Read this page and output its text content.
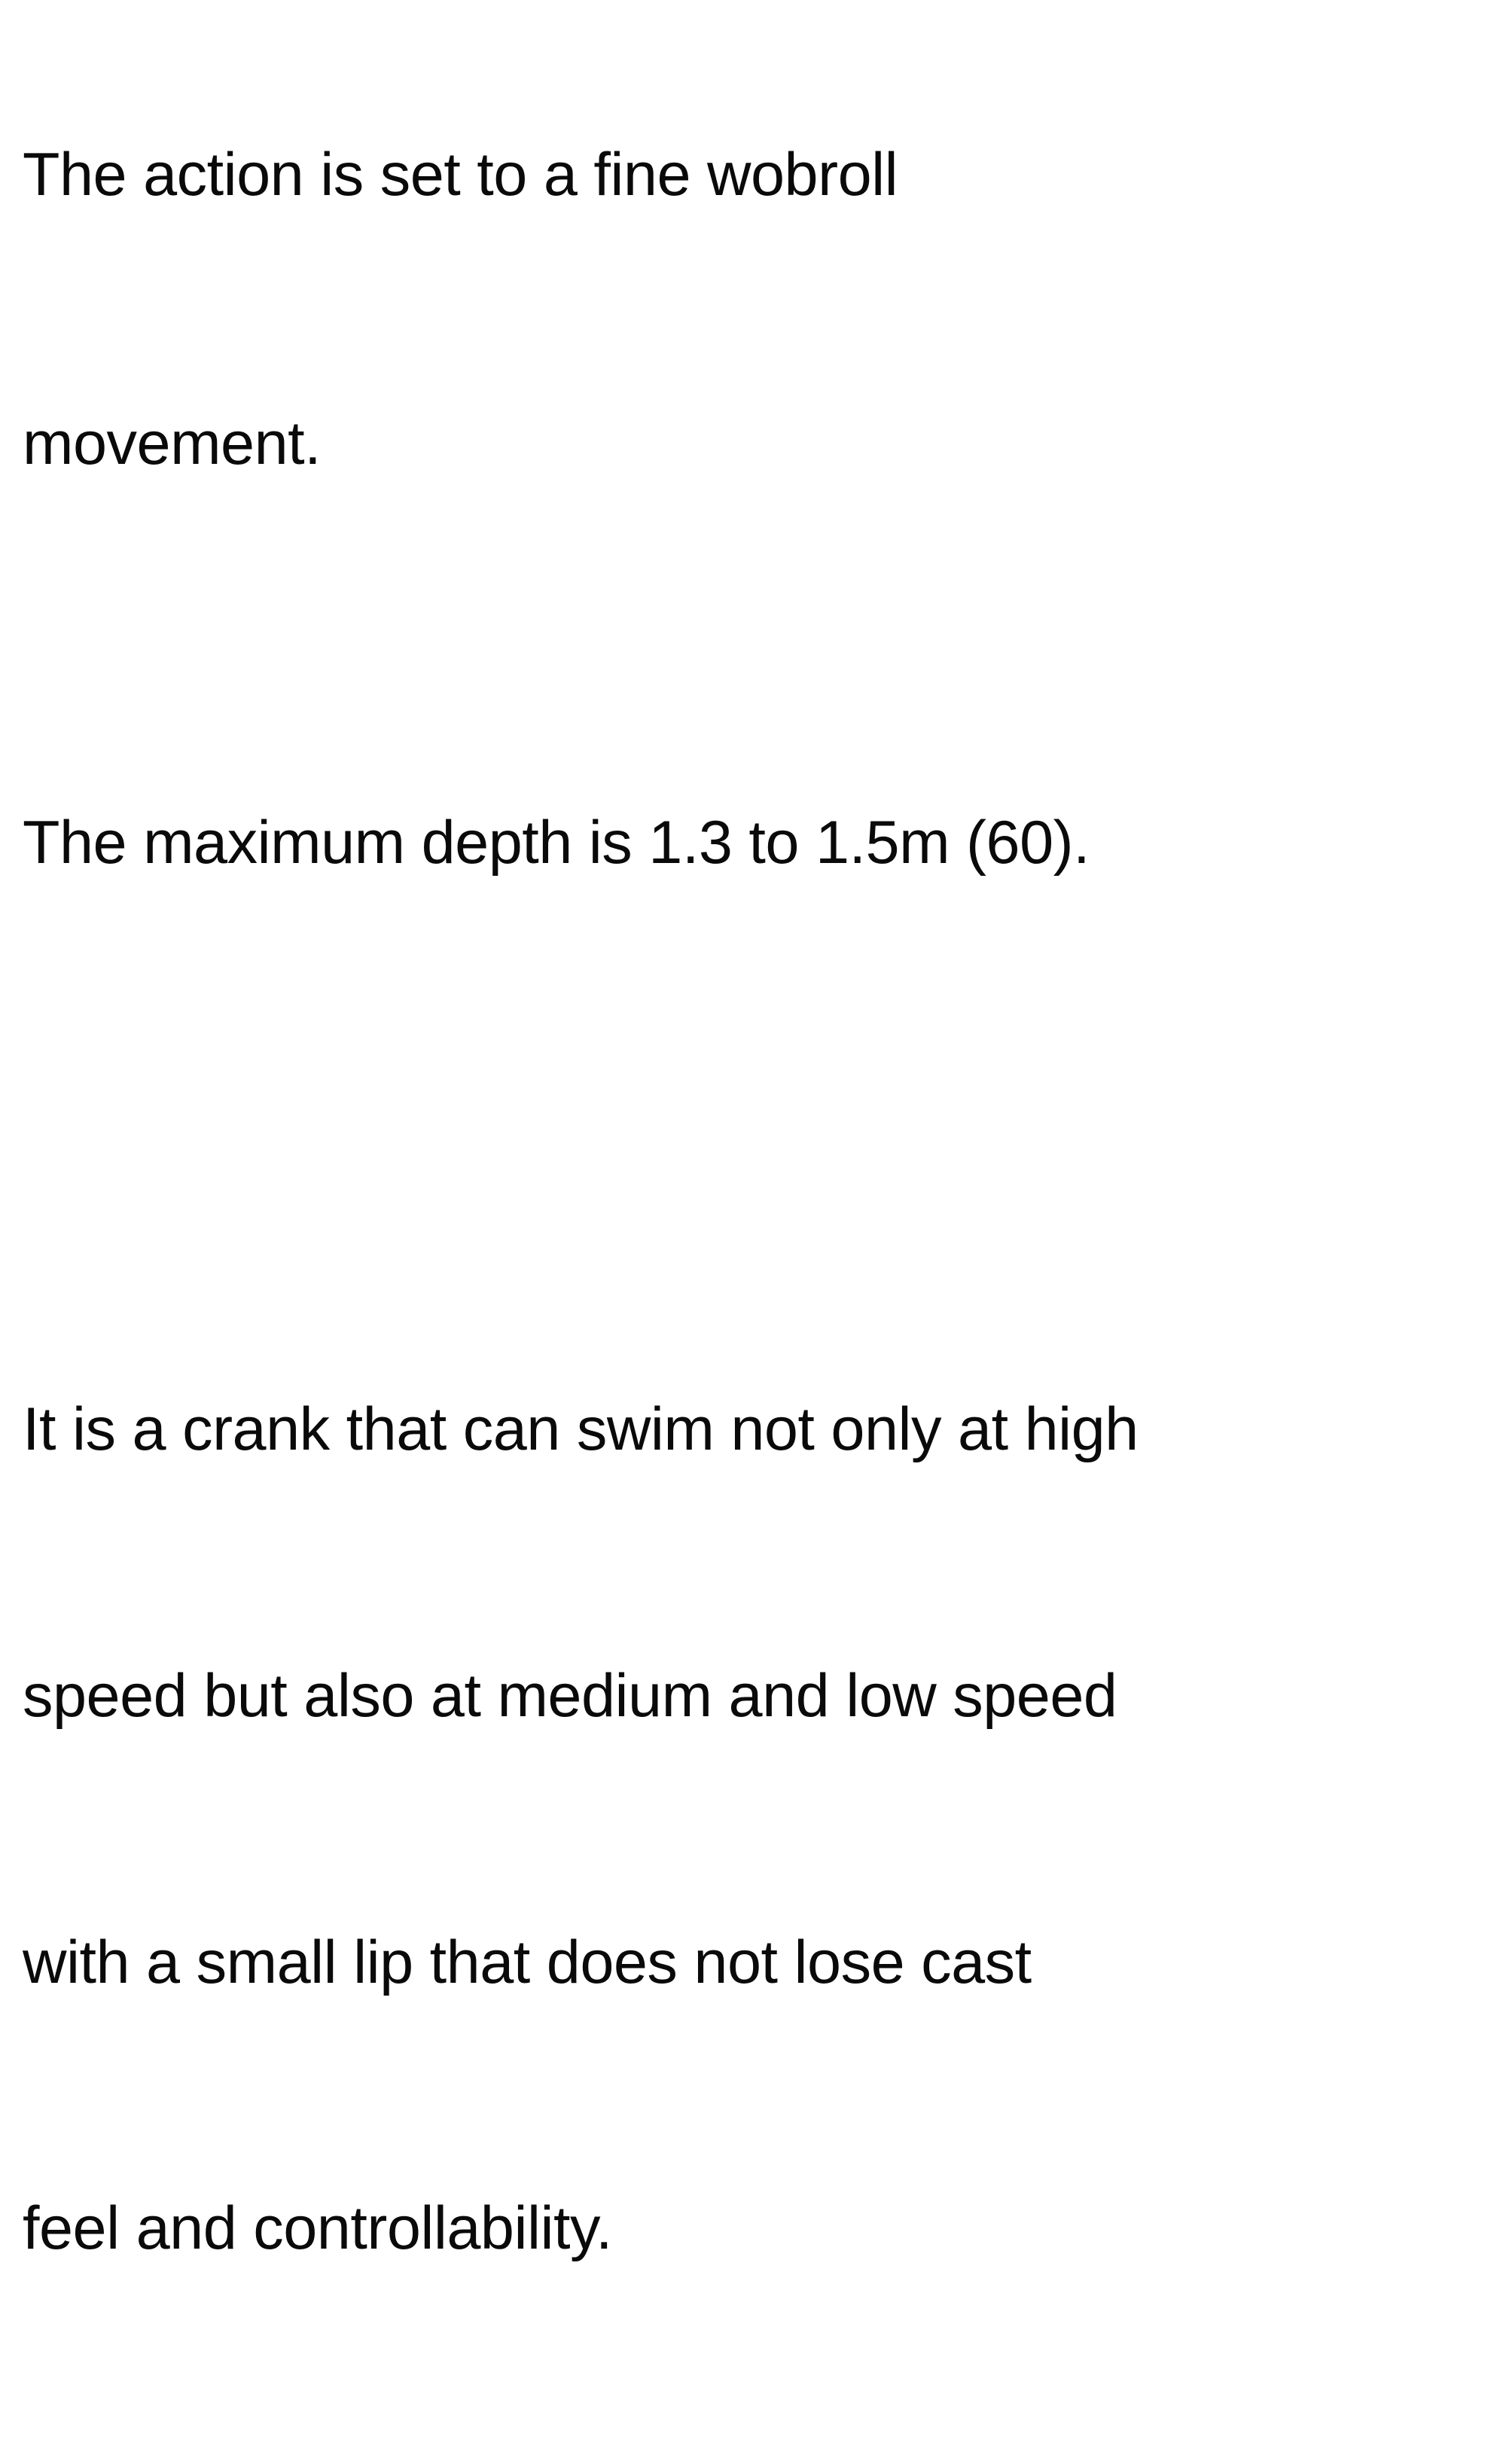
The action is set to a fine wobroll

movement.

The maximum depth is 1.3 to 1.5m (60).

It is a crank that can swim not only at high

speed but also at medium and low speed

with a small lip that does not lose cast

feel and controllability.
